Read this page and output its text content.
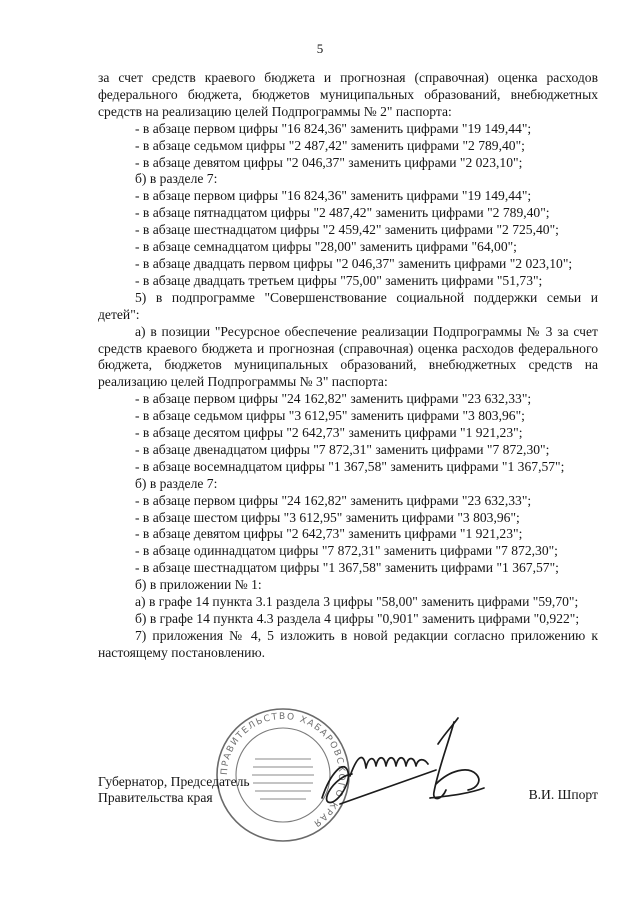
5

за счет средств краевого бюджета и прогнозная (справочная) оценка расходов федерального бюджета, бюджетов муниципальных образований, внебюджетных средств на реализацию целей Подпрограммы № 2" паспорта:

- в абзаце первом цифры "16 824,36" заменить цифрами "19 149,44";

- в абзаце седьмом цифры "2 487,42" заменить цифрами "2 789,40";

- в абзаце девятом цифры "2 046,37" заменить цифрами "2 023,10";

б) в разделе 7:

- в абзаце первом цифры "16 824,36" заменить цифрами "19 149,44";

- в абзаце пятнадцатом цифры "2 487,42" заменить цифрами "2 789,40";

- в абзаце шестнадцатом цифры "2 459,42" заменить цифрами "2 725,40";

- в абзаце семнадцатом цифры "28,00" заменить цифрами "64,00";

- в абзаце двадцать первом цифры "2 046,37" заменить цифрами "2 023,10";

- в абзаце двадцать третьем цифры "75,00" заменить цифрами "51,73";

5) в подпрограмме "Совершенствование социальной поддержки семьи и детей":

а) в позиции "Ресурсное обеспечение реализации Подпрограммы № 3 за счет средств краевого бюджета и прогнозная (справочная) оценка расходов федерального бюджета, бюджетов муниципальных образований, внебюджетных средств на реализацию целей Подпрограммы № 3" паспорта:

- в абзаце первом цифры "24 162,82" заменить цифрами "23 632,33";

- в абзаце седьмом цифры "3 612,95" заменить цифрами "3 803,96";

- в абзаце десятом цифры "2 642,73" заменить цифрами "1 921,23";

- в абзаце двенадцатом цифры "7 872,31" заменить цифрами "7 872,30";

- в абзаце восемнадцатом цифры "1 367,58" заменить цифрами "1 367,57";

б) в разделе 7:

- в абзаце первом цифры "24 162,82" заменить цифрами "23 632,33";

- в абзаце шестом цифры "3 612,95" заменить цифрами "3 803,96";

- в абзаце девятом цифры "2 642,73" заменить цифрами "1 921,23";

- в абзаце одиннадцатом цифры "7 872,31" заменить цифрами "7 872,30";

- в абзаце шестнадцатом цифры "1 367,58" заменить цифрами "1 367,57";

б) в приложении № 1:

а) в графе 14 пункта 3.1 раздела 3 цифры "58,00" заменить цифрами "59,70";

б) в графе 14 пункта 4.3 раздела 4 цифры "0,901" заменить цифрами "0,922";

7) приложения № 4, 5 изложить в новой редакции согласно приложению к настоящему постановлению.

ПРАВИТЕЛЬСТВО ХАБАРОВСКОГО КРАЯ
Губернатор, Председатель
Правительства края	В.И. Шпорт
